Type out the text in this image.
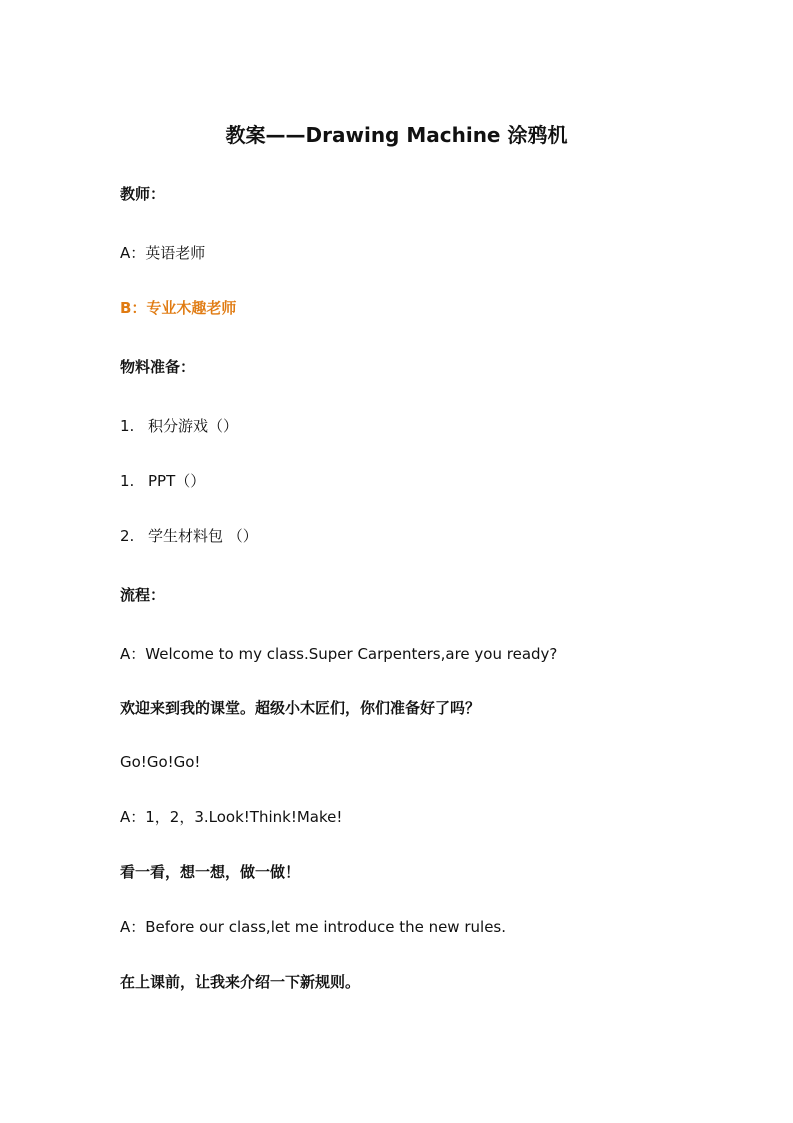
教案——Drawing Machine 涂鸦机
教师：
A：英语老师
B：专业木趣老师
物料准备：
1. 积分游戏（）
1. PPT（）
2. 学生材料包 （）
流程：
A：Welcome to my class.Super Carpenters,are you ready?
欢迎来到我的课堂。超级小木匠们，你们准备好了吗？
Go!Go!Go!
A：1，2，3.Look!Think!Make!
看一看，想一想，做一做！
A：Before our class,let me introduce the new rules.
在上课前，让我来介绍一下新规则。
